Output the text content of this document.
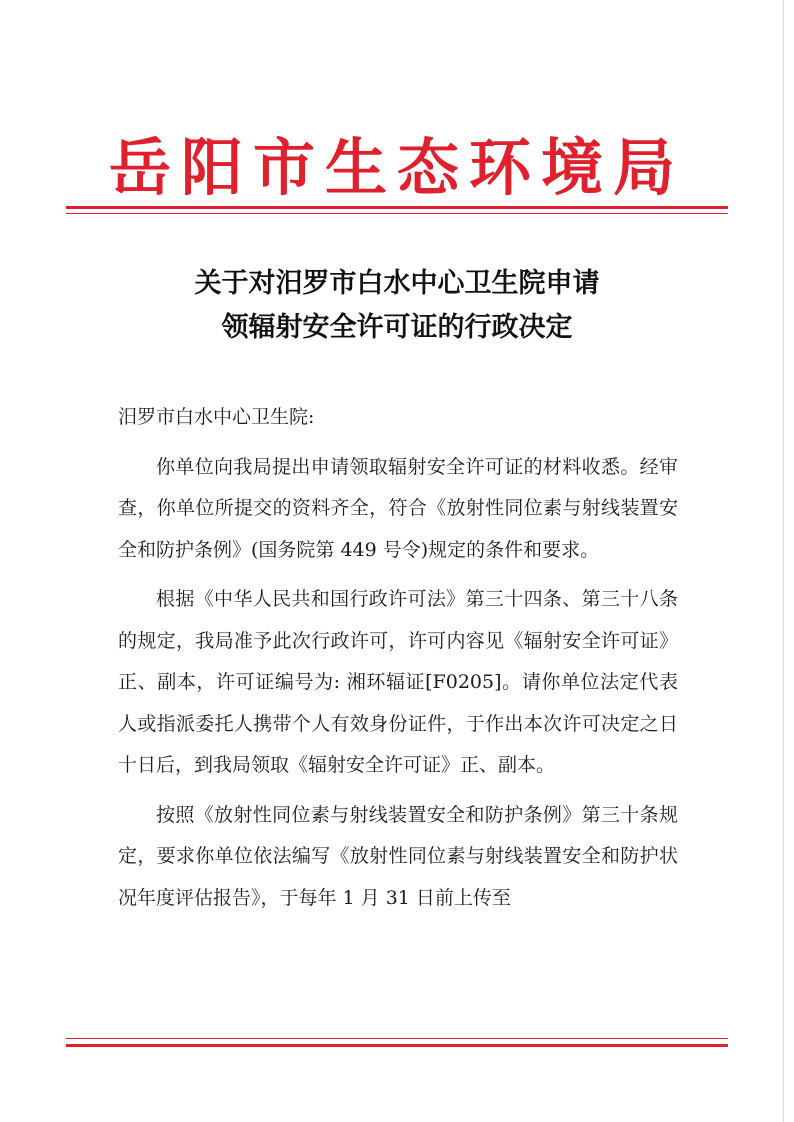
岳阳市生态环境局
关于对汨罗市白水中心卫生院申请
领辐射安全许可证的行政决定

汨罗市白水中心卫生院:

你单位向我局提出申请领取辐射安全许可证的材料收悉。经审查，你单位所提交的资料齐全，符合《放射性同位素与射线装置安全和防护条例》(国务院第 449 号令)规定的条件和要求。

根据《中华人民共和国行政许可法》第三十四条、第三十八条的规定，我局准予此次行政许可，许可内容见《辐射安全许可证》正、副本，许可证编号为: 湘环辐证[F0205]。请你单位法定代表人或指派委托人携带个人有效身份证件，于作出本次许可决定之日十日后，到我局领取《辐射安全许可证》正、副本。

按照《放射性同位素与射线装置安全和防护条例》第三十条规定，要求你单位依法编写《放射性同位素与射线装置安全和防护状况年度评估报告》，于每年 1 月 31 日前上传至
